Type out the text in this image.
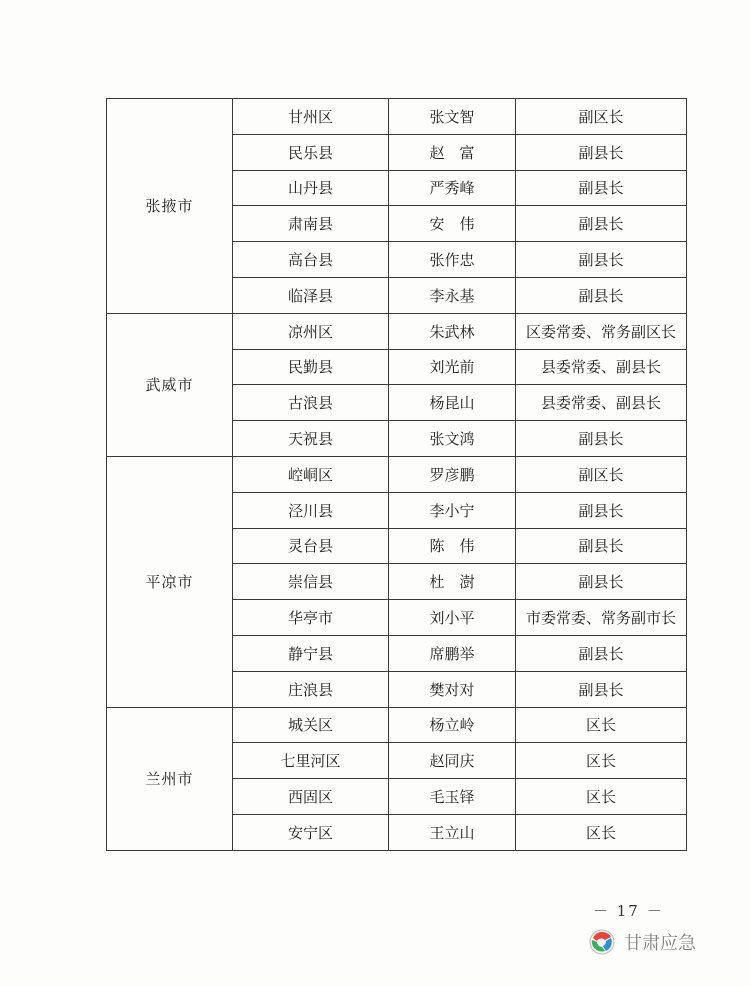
张掖市	甘州区	张文智	副区长
	民乐县	赵　富	副县长
	山丹县	严秀峰	副县长
	肃南县	安　伟	副县长
	高台县	张作忠	副县长
	临泽县	李永基	副县长
武威市	凉州区	朱武林	区委常委、常务副区长
	民勤县	刘光前	县委常委、副县长
	古浪县	杨昆山	县委常委、副县长
	天祝县	张文鸿	副县长
平凉市	崆峒区	罗彦鹏	副区长
	泾川县	李小宁	副县长
	灵台县	陈　伟	副县长
	崇信县	杜　澍	副县长
	华亭市	刘小平	市委常委、常务副市长
	静宁县	席鹏举	副县长
	庄浪县	樊对对	副县长
兰州市	城关区	杨立岭	区长
	七里河区	赵同庆	区长
	西固区	毛玉铎	区长
	安宁区	王立山	区长
－ 17 －
甘肃应急
